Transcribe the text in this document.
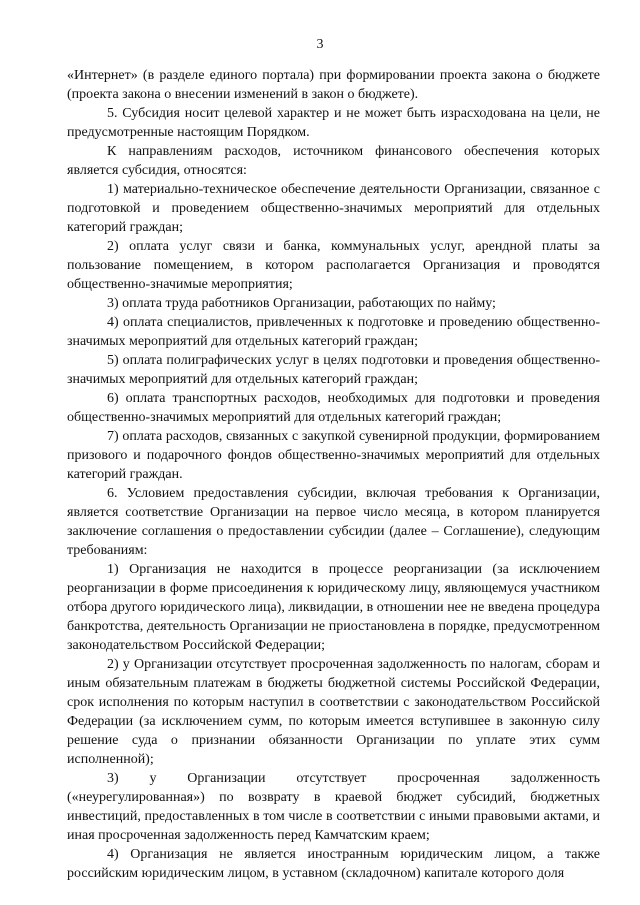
3

«Интернет» (в разделе единого портала) при формировании проекта закона о бюджете (проекта закона о внесении изменений в закон о бюджете).

5. Субсидия носит целевой характер и не может быть израсходована на цели, не предусмотренные настоящим Порядком.

К направлениям расходов, источником финансового обеспечения которых является субсидия, относятся:

1) материально-техническое обеспечение деятельности Организации, связанное с подготовкой и проведением общественно-значимых мероприятий для отдельных категорий граждан;

2) оплата услуг связи и банка, коммунальных услуг, арендной платы за пользование помещением, в котором располагается Организация и проводятся общественно-значимые мероприятия;

3) оплата труда работников Организации, работающих по найму;

4) оплата специалистов, привлеченных к подготовке и проведению общественно-значимых мероприятий для отдельных категорий граждан;

5) оплата полиграфических услуг в целях подготовки и проведения общественно-значимых мероприятий для отдельных категорий граждан;

6) оплата транспортных расходов, необходимых для подготовки и проведения общественно-значимых мероприятий для отдельных категорий граждан;

7) оплата расходов, связанных с закупкой сувенирной продукции, формированием призового и подарочного фондов общественно-значимых мероприятий для отдельных категорий граждан.

6. Условием предоставления субсидии, включая требования к Организации, является соответствие Организации на первое число месяца, в котором планируется заключение соглашения о предоставлении субсидии (далее – Соглашение), следующим требованиям:

1) Организация не находится в процессе реорганизации (за исключением реорганизации в форме присоединения к юридическому лицу, являющемуся участником отбора другого юридического лица), ликвидации, в отношении нее не введена процедура банкротства, деятельность Организации не приостановлена в порядке, предусмотренном законодательством Российской Федерации;

2) у Организации отсутствует просроченная задолженность по налогам, сборам и иным обязательным платежам в бюджеты бюджетной системы Российской Федерации, срок исполнения по которым наступил в соответствии с законодательством Российской Федерации (за исключением сумм, по которым имеется вступившее в законную силу решение суда о признании обязанности Организации по уплате этих сумм исполненной);

3) у Организации отсутствует просроченная задолженность («неурегулированная») по возврату в краевой бюджет субсидий, бюджетных инвестиций, предоставленных в том числе в соответствии с иными правовыми актами, и иная просроченная задолженность перед Камчатским краем;

4) Организация не является иностранным юридическим лицом, а также российским юридическим лицом, в уставном (складочном) капитале которого доля
